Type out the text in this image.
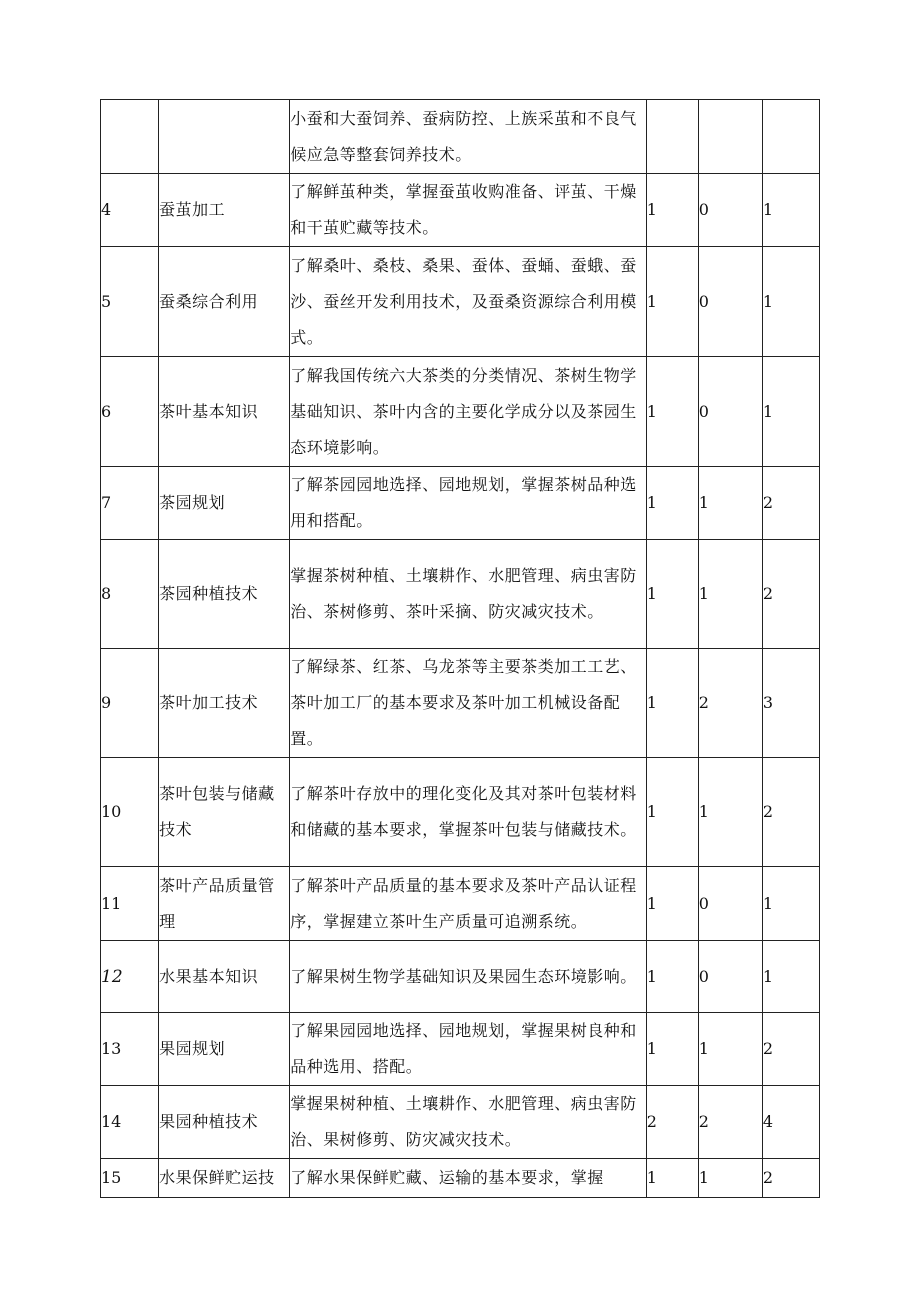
		小蚕和大蚕饲养、蚕病防控、上族采茧和不良气候应急等整套饲养技术。			
4	蚕茧加工	了解鲜茧种类，掌握蚕茧收购准备、评茧、干燥和干茧贮藏等技术。	1	0	1
5	蚕桑综合利用	了解桑叶、桑枝、桑果、蚕体、蚕蛹、蚕蛾、蚕沙、蚕丝开发利用技术，及蚕桑资源综合利用模式。	1	0	1
6	茶叶基本知识	了解我国传统六大茶类的分类情况、茶树生物学基础知识、茶叶内含的主要化学成分以及茶园生态环境影响。	1	0	1
7	茶园规划	了解茶园园地选择、园地规划，掌握茶树品种选用和搭配。	1	1	2
8	茶园种植技术	掌握茶树种植、土壤耕作、水肥管理、病虫害防治、茶树修剪、茶叶采摘、防灾减灾技术。	1	1	2
9	茶叶加工技术	了解绿茶、红茶、乌龙茶等主要茶类加工工艺、茶叶加工厂的基本要求及茶叶加工机械设备配置。	1	2	3
10	茶叶包装与储藏技术	了解茶叶存放中的理化变化及其对茶叶包装材料和储藏的基本要求，掌握茶叶包装与储藏技术。	1	1	2
11	茶叶产品质量管理	了解茶叶产品质量的基本要求及茶叶产品认证程序，掌握建立茶叶生产质量可追溯系统。	1	0	1
12	水果基本知识	了解果树生物学基础知识及果园生态环境影响。	1	0	1
13	果园规划	了解果园园地选择、园地规划，掌握果树良种和品种选用、搭配。	1	1	2
14	果园种植技术	掌握果树种植、土壤耕作、水肥管理、病虫害防治、果树修剪、防灾减灾技术。	2	2	4
15	水果保鲜贮运技	了解水果保鲜贮藏、运输的基本要求，掌握	1	1	2
